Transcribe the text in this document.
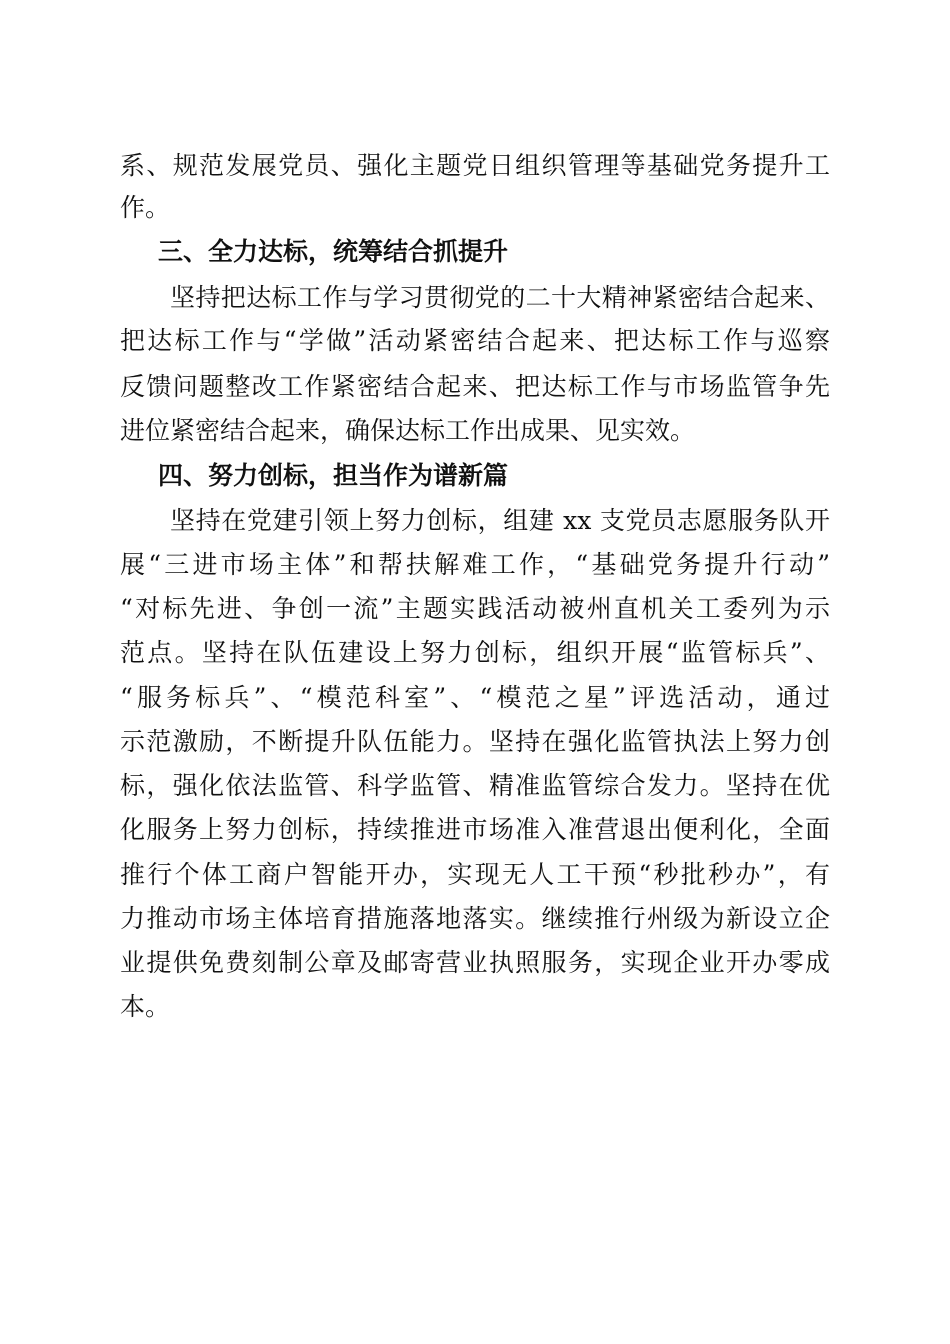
系、规范发展党员、强化主题党日组织管理等基础党务提升工
作。
三、全力达标，统筹结合抓提升
坚持把达标工作与学习贯彻党的二十大精神紧密结合起来、
把达标工作与“学做”活动紧密结合起来、把达标工作与巡察
反馈问题整改工作紧密结合起来、把达标工作与市场监管争先
进位紧密结合起来，确保达标工作出成果、见实效。
四、努力创标，担当作为谱新篇
坚持在党建引领上努力创标，组建 xx 支党员志愿服务队开
展“三进市场主体”和帮扶解难工作，“基础党务提升行动”
“对标先进、争创一流”主题实践活动被州直机关工委列为示
范点。坚持在队伍建设上努力创标，组织开展“监管标兵”、
“服务标兵”、“模范科室”、“模范之星”评选活动，通过
示范激励，不断提升队伍能力。坚持在强化监管执法上努力创
标，强化依法监管、科学监管、精准监管综合发力。坚持在优
化服务上努力创标，持续推进市场准入准营退出便利化，全面
推行个体工商户智能开办，实现无人工干预“秒批秒办”，有
力推动市场主体培育措施落地落实。继续推行州级为新设立企
业提供免费刻制公章及邮寄营业执照服务，实现企业开办零成
本。
